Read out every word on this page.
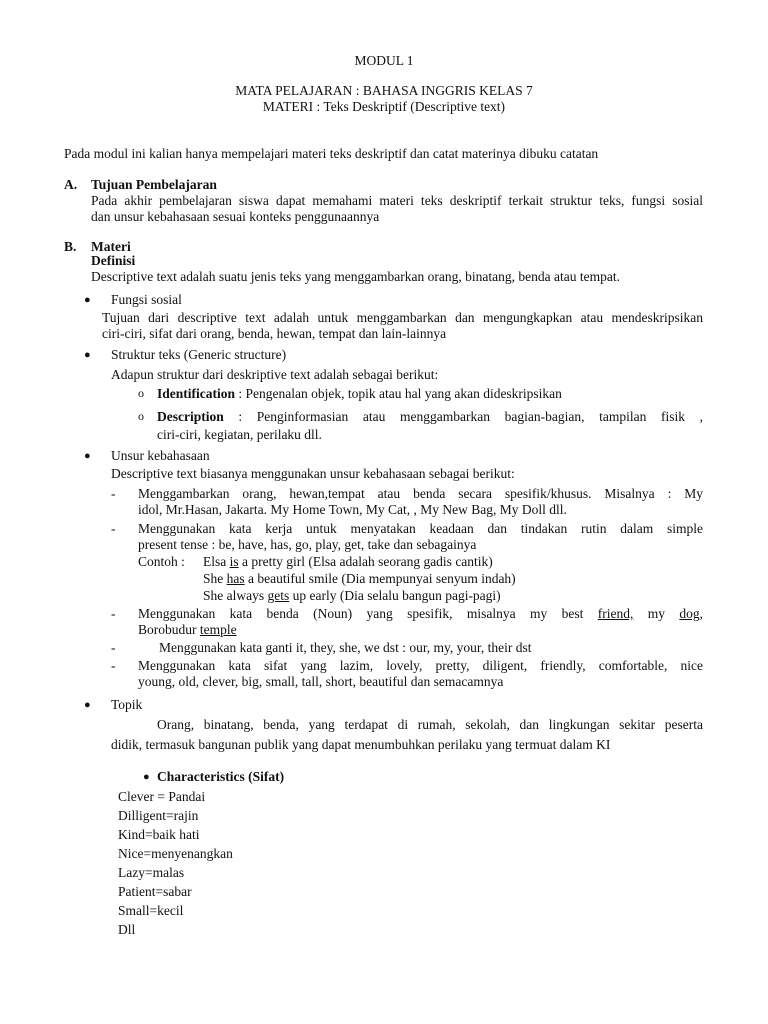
MODUL 1
MATA PELAJARAN : BAHASA INGGRIS KELAS 7
MATERI : Teks Deskriptif (Descriptive text)
Pada modul ini kalian hanya mempelajari materi teks deskriptif dan catat materinya dibuku catatan
A. Tujuan Pembelajaran
Pada akhir pembelajaran siswa dapat memahami materi teks deskriptif terkait struktur teks, fungsi sosial
dan unsur kebahasaan sesuai konteks penggunaannya
B. Materi
Definisi
Descriptive text adalah suatu jenis teks yang menggambarkan orang, binatang, benda atau tempat.
● Fungsi sosial
Tujuan dari descriptive text adalah untuk menggambarkan dan mengungkapkan atau mendeskripsikan
ciri-ciri, sifat dari orang, benda, hewan, tempat dan lain-lainnya
● Struktur teks (Generic structure)
Adapun struktur dari deskriptive text adalah sebagai berikut:
o Identification : Pengenalan objek, topik atau hal yang akan dideskripsikan
o Description : Penginformasian atau menggambarkan bagian-bagian, tampilan fisik ,
ciri-ciri, kegiatan, perilaku dll.
● Unsur kebahasaan
Descriptive text biasanya menggunakan unsur kebahasaan sebagai berikut:
- Menggambarkan orang, hewan,tempat atau benda secara spesifik/khusus. Misalnya : My
idol, Mr.Hasan, Jakarta. My Home Town, My Cat, , My New Bag, My Doll dll.
- Menggunakan kata kerja untuk menyatakan keadaan dan tindakan rutin dalam simple
present tense : be, have, has, go, play, get, take dan sebagainya
Contoh : Elsa is a pretty girl (Elsa adalah seorang gadis cantik)
She has a beautiful smile (Dia mempunyai senyum indah)
She always gets up early (Dia selalu bangun pagi-pagi)
- Menggunakan kata benda (Noun) yang spesifik, misalnya my best friend, my dog,
Borobudur temple
-	Menggunakan kata ganti it, they, she, we dst : our, my, your, their dst
- Menggunakan kata sifat yang lazim, lovely, pretty, diligent, friendly, comfortable, nice
young, old, clever, big, small, tall, short, beautiful dan semacamnya
● Topik
Orang, binatang, benda, yang terdapat di rumah, sekolah, dan lingkungan sekitar peserta
didik, termasuk bangunan publik yang dapat menumbuhkan perilaku yang termuat dalam KI
● Characteristics (Sifat)
Clever = Pandai
Dilligent=rajin
Kind=baik hati
Nice=menyenangkan
Lazy=malas
Patient=sabar
Small=kecil
Dll
